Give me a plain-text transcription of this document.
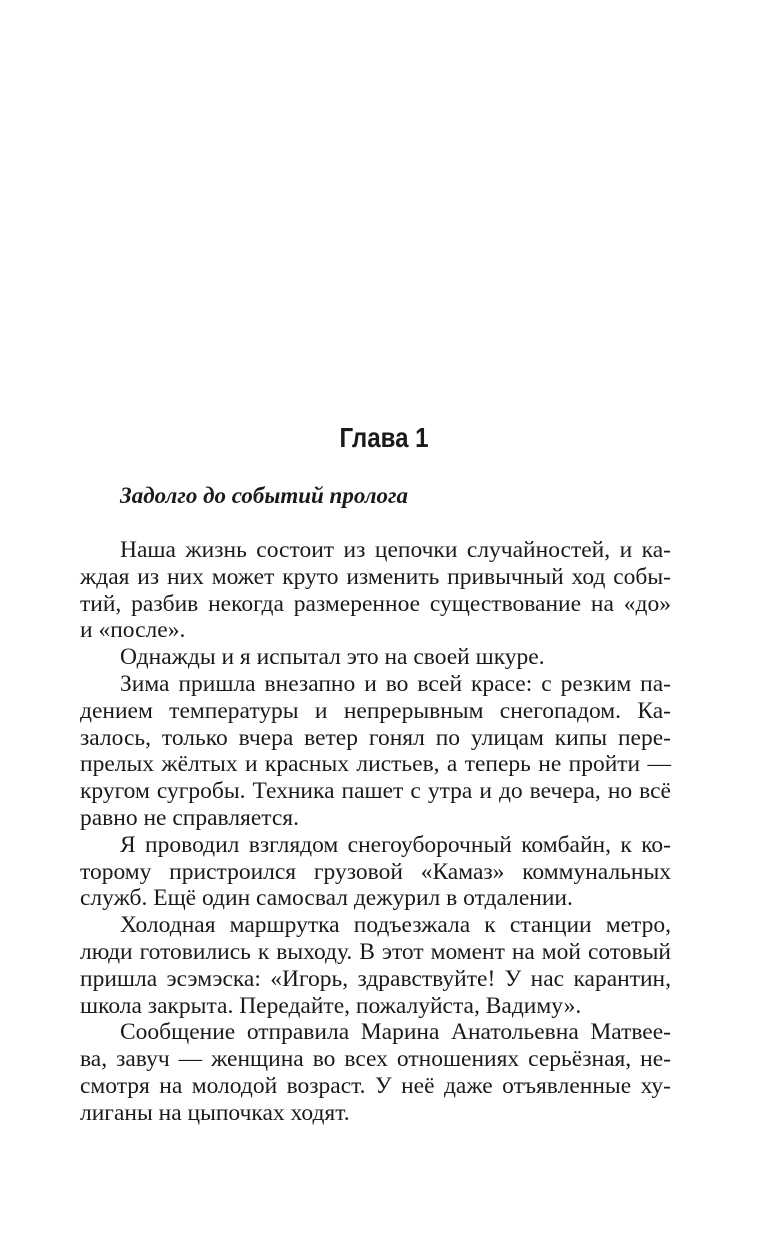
Глава 1
Задолго до событий пролога
Наша жизнь состоит из цепочки случайностей, и ка-
ждая из них может круто изменить привычный ход собы-
тий, разбив некогда размеренное существование на «до»
и «после».
Однажды и я испытал это на своей шкуре.
Зима пришла внезапно и во всей красе: с резким па-
дением температуры и непрерывным снегопадом. Ка-
залось, только вчера ветер гонял по улицам кипы пере-
прелых жёлтых и красных листьев, а теперь не пройти —
кругом сугробы. Техника пашет с утра и до вечера, но всё
равно не справляется.
Я проводил взглядом снегоуборочный комбайн, к ко-
торому пристроился грузовой «Камаз» коммунальных
служб. Ещё один самосвал дежурил в отдалении.
Холодная маршрутка подъезжала к станции метро,
люди готовились к выходу. В этот момент на мой сотовый
пришла эсэмэска: «Игорь, здравствуйте! У нас карантин,
школа закрыта. Передайте, пожалуйста, Вадиму».
Сообщение отправила Марина Анатольевна Матвее-
ва, завуч — женщина во всех отношениях серьёзная, не-
смотря на молодой возраст. У неё даже отъявленные ху-
лиганы на цыпочках ходят.
